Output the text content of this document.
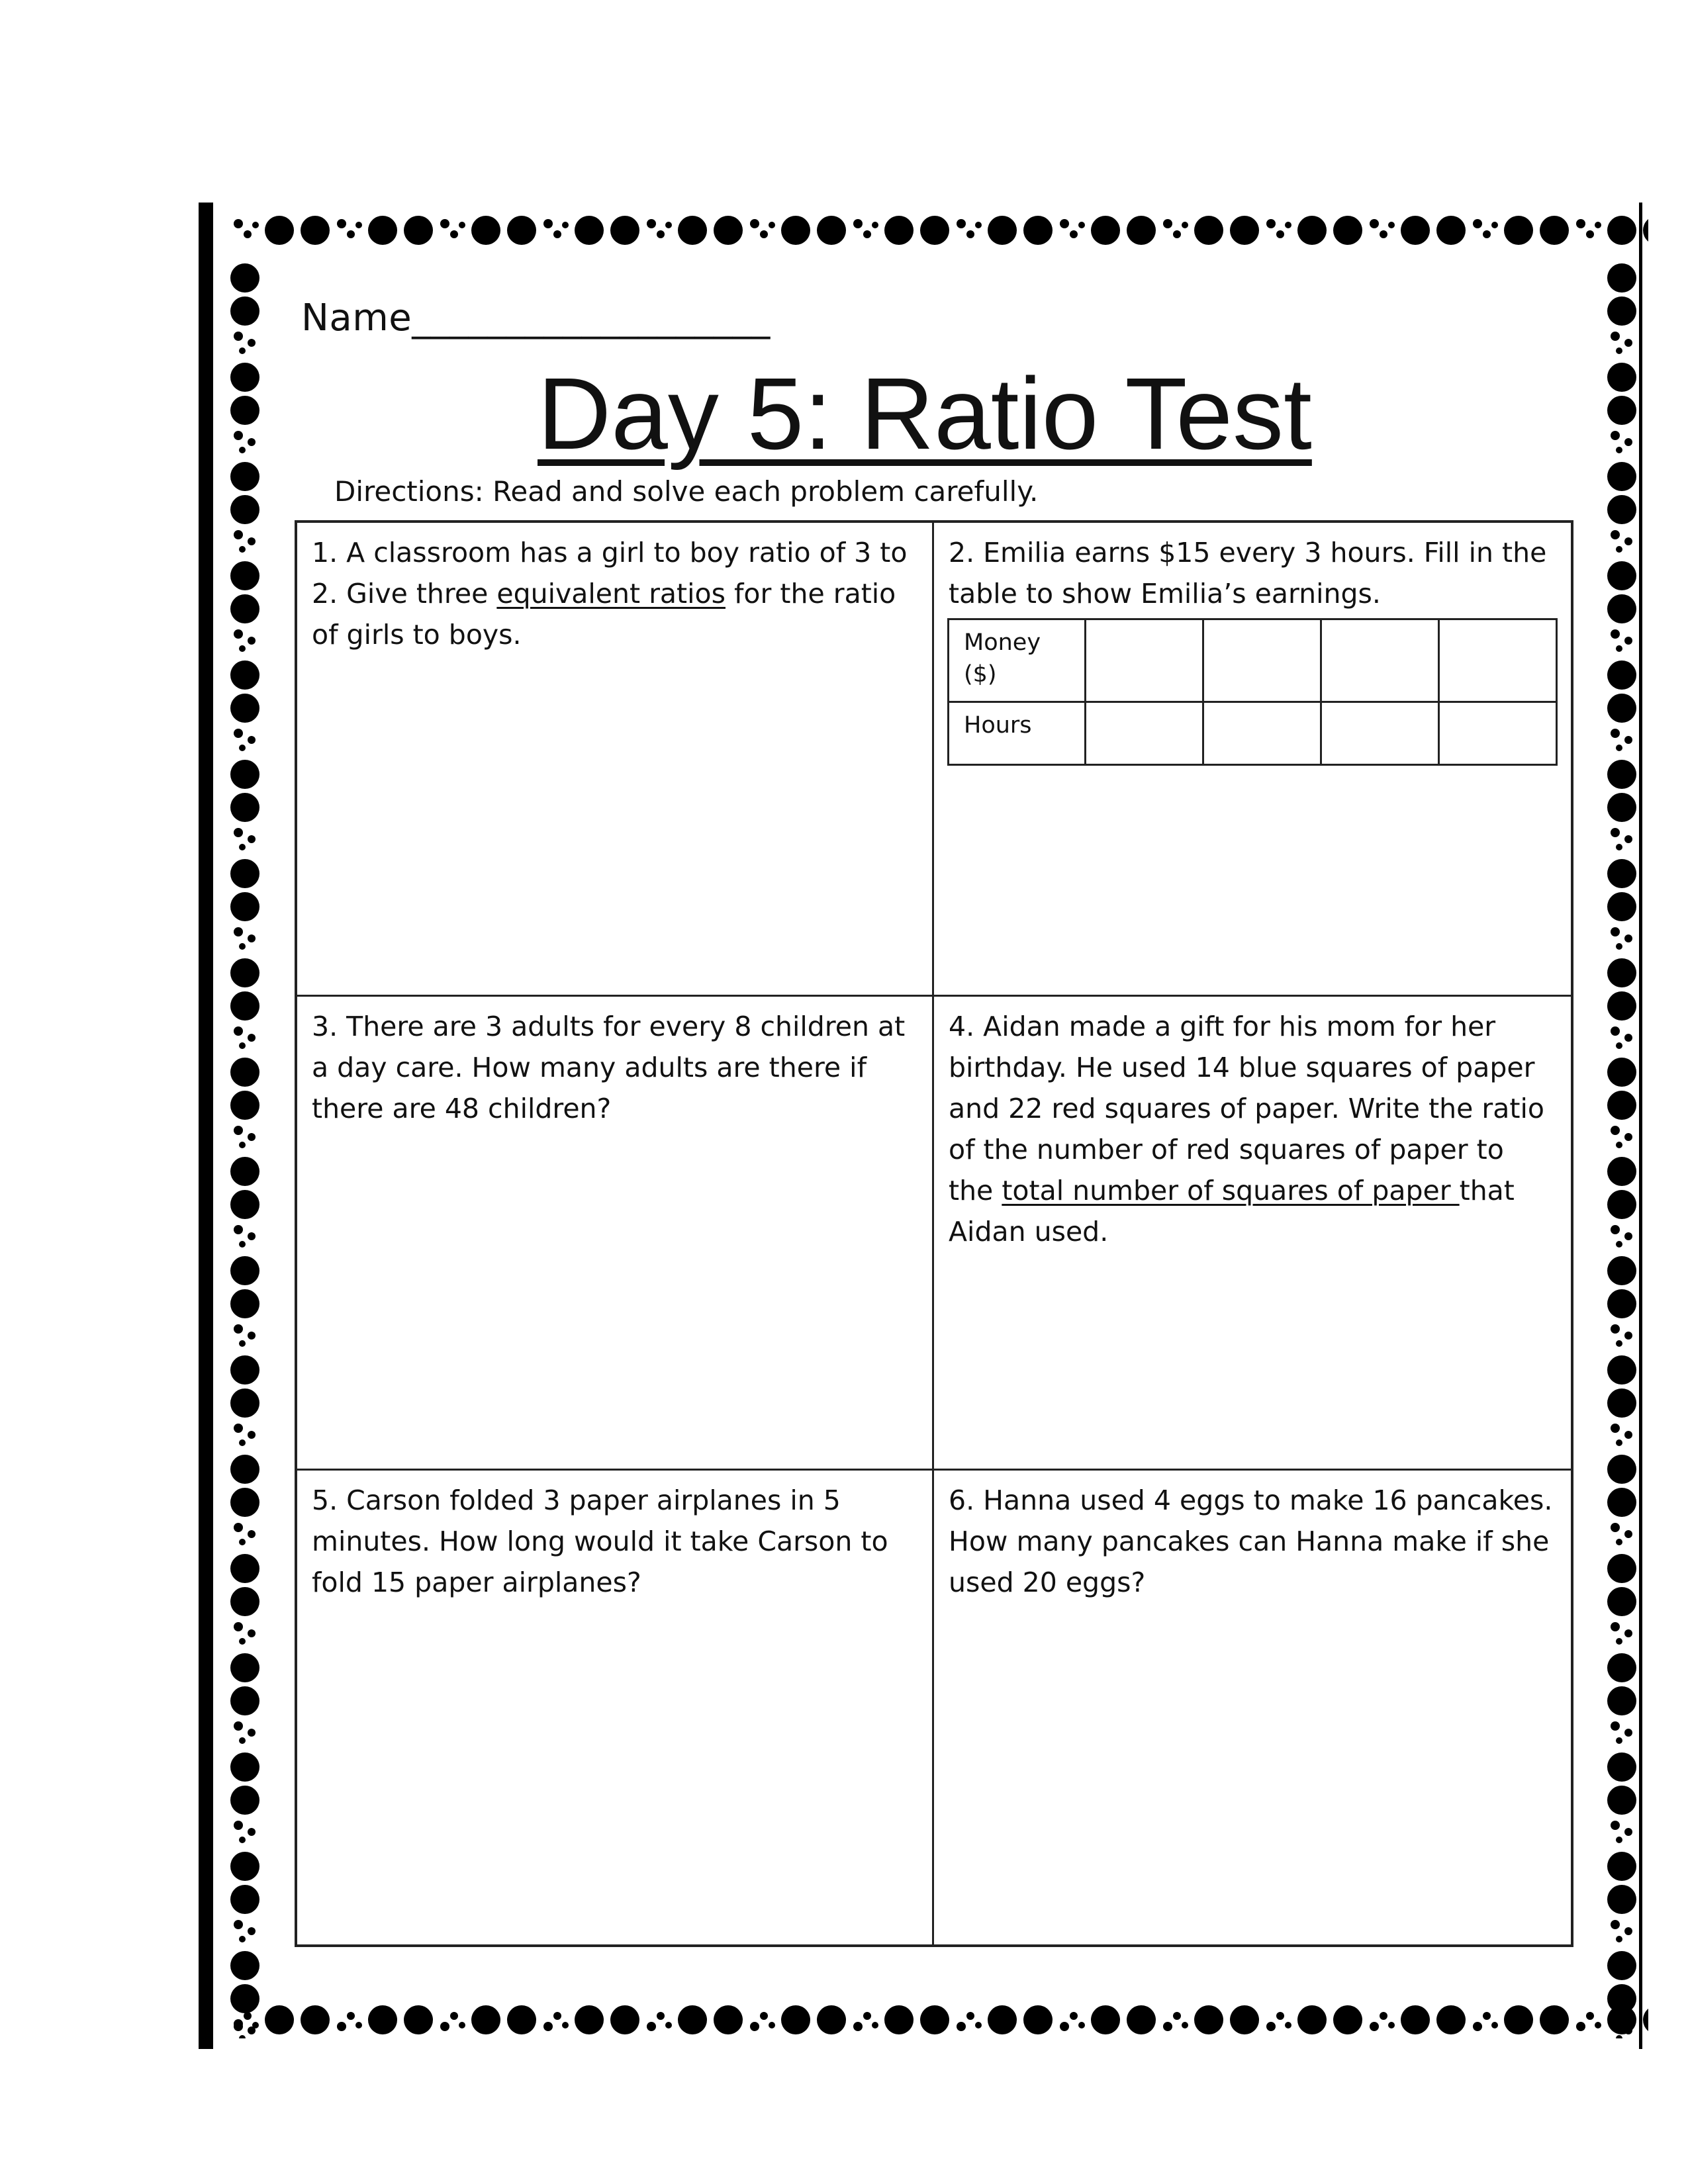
Name___________________
Day 5: Ratio Test
Directions: Read and solve each problem carefully.

1. A classroom has a girl to boy ratio of 3 to 2. Give three equivalent ratios for the ratio of girls to boys.

2. Emilia earns $15 every 3 hours. Fill in the table to show Emilia’s earnings.

Money ($)				
Hours				

3. There are 3 adults for every 8 children at a day care. How many adults are there if there are 48 children?

4. Aidan made a gift for his mom for her birthday. He used 14 blue squares of paper and 22 red squares of paper. Write the ratio of the number of red squares of paper to the total number of squares of paper that Aidan used.

5. Carson folded 3 paper airplanes in 5 minutes. How long would it take Carson to fold 15 paper airplanes?

6. Hanna used 4 eggs to make 16 pancakes. How many pancakes can Hanna make if she used 20 eggs?
